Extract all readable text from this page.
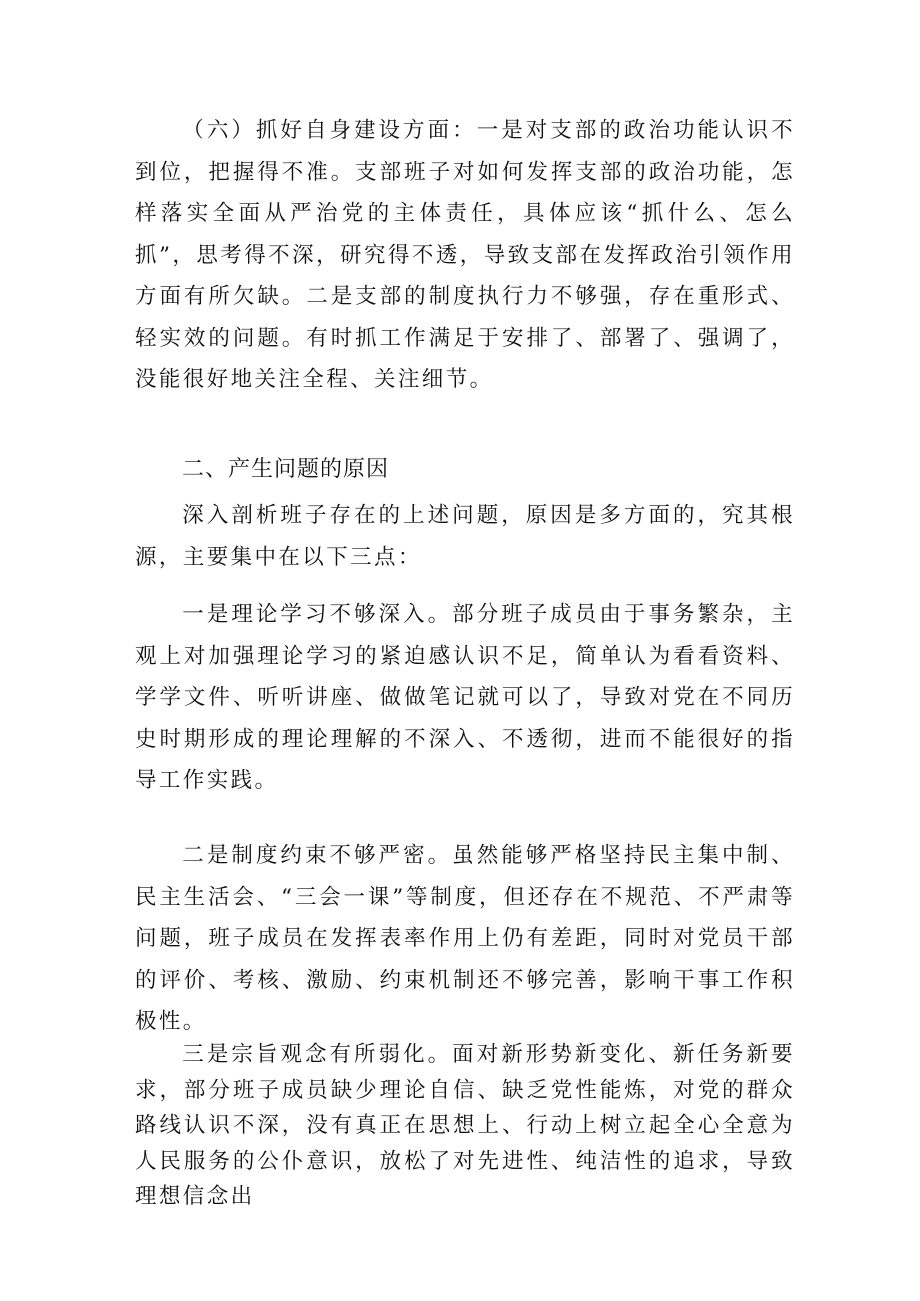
（六）抓好自身建设方面：一是对支部的政治功能认识不到位，把握得不准。支部班子对如何发挥支部的政治功能，怎样落实全面从严治党的主体责任，具体应该“抓什么、怎么抓”，思考得不深，研究得不透，导致支部在发挥政治引领作用方面有所欠缺。二是支部的制度执行力不够强，存在重形式、轻实效的问题。有时抓工作满足于安排了、部署了、强调了，没能很好地关注全程、关注细节。

二、产生问题的原因

深入剖析班子存在的上述问题，原因是多方面的，究其根源，主要集中在以下三点：

一是理论学习不够深入。部分班子成员由于事务繁杂，主观上对加强理论学习的紧迫感认识不足，简单认为看看资料、学学文件、听听讲座、做做笔记就可以了，导致对党在不同历史时期形成的理论理解的不深入、不透彻，进而不能很好的指导工作实践。

二是制度约束不够严密。虽然能够严格坚持民主集中制、民主生活会、“三会一课”等制度，但还存在不规范、不严肃等问题，班子成员在发挥表率作用上仍有差距，同时对党员干部的评价、考核、激励、约束机制还不够完善，影响干事工作积极性。

三是宗旨观念有所弱化。面对新形势新变化、新任务新要求，部分班子成员缺少理论自信、缺乏党性能炼，对党的群众路线认识不深，没有真正在思想上、行动上树立起全心全意为人民服务的公仆意识，放松了对先进性、纯洁性的追求，导致理想信念出
